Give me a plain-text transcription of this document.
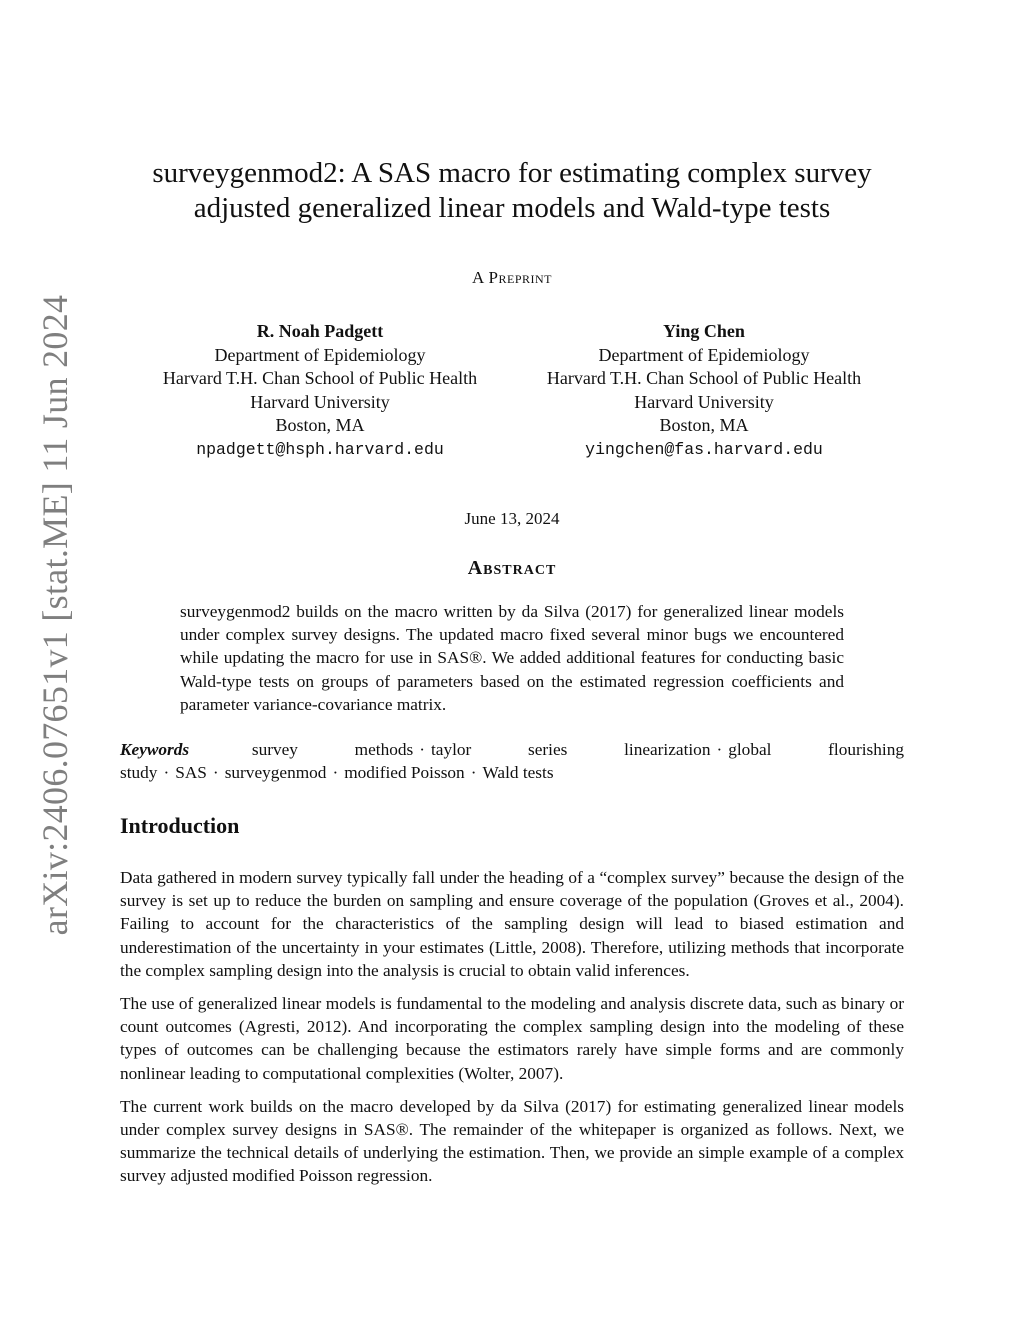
arXiv:2406.07651v1 [stat.ME] 11 Jun 2024
surveygenmod2: A SAS macro for estimating complex survey adjusted generalized linear models and Wald-type tests
A Preprint
R. Noah Padgett
Department of Epidemiology
Harvard T.H. Chan School of Public Health
Harvard University
Boston, MA
npadgett@hsph.harvard.edu
Ying Chen
Department of Epidemiology
Harvard T.H. Chan School of Public Health
Harvard University
Boston, MA
yingchen@fas.harvard.edu
June 13, 2024
Abstract
surveygenmod2 builds on the macro written by da Silva (2017) for generalized linear models under complex survey designs. The updated macro fixed several minor bugs we encountered while updating the macro for use in SAS®. We added additional features for conducting basic Wald-type tests on groups of parameters based on the estimated regression coefficients and parameter variance-covariance matrix.
Keywords	survey methods · taylor series linearization · global flourishing study · SAS · surveygenmod · modified Poisson · Wald tests
Introduction

Data gathered in modern survey typically fall under the heading of a “complex survey” because the design of the survey is set up to reduce the burden on sampling and ensure coverage of the population (Groves et al., 2004). Failing to account for the characteristics of the sampling design will lead to biased estimation and underestimation of the uncertainty in your estimates (Little, 2008). Therefore, utilizing methods that incorporate the complex sampling design into the analysis is crucial to obtain valid inferences.

The use of generalized linear models is fundamental to the modeling and analysis discrete data, such as binary or count outcomes (Agresti, 2012). And incorporating the complex sampling design into the modeling of these types of outcomes can be challenging because the estimators rarely have simple forms and are commonly nonlinear leading to computational complexities (Wolter, 2007).

The current work builds on the macro developed by da Silva (2017) for estimating generalized linear models under complex survey designs in SAS®. The remainder of the whitepaper is organized as follows. Next, we summarize the technical details of underlying the estimation. Then, we provide an simple example of a complex survey adjusted modified Poisson regression.
